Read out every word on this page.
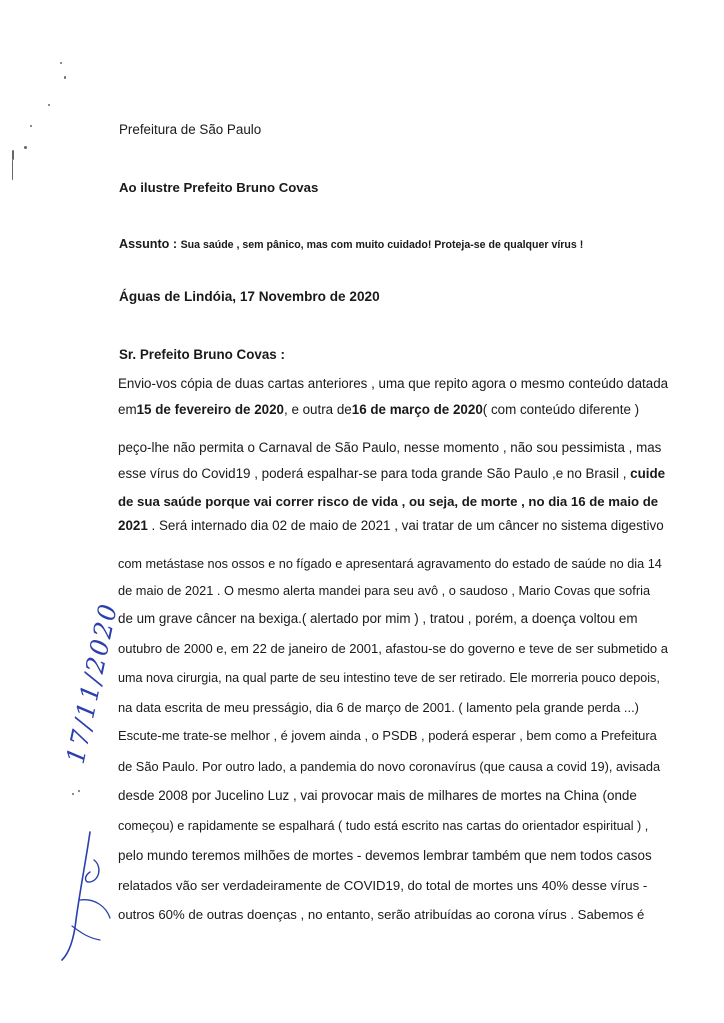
Prefeitura de São Paulo
Ao ilustre Prefeito Bruno Covas
Assunto : Sua saúde , sem pânico, mas com muito cuidado! Proteja-se de qualquer vírus !
Águas de Lindóia, 17 Novembro de 2020
Sr. Prefeito Bruno Covas :
Envio-vos cópia de duas cartas anteriores , uma que repito agora o mesmo conteúdo datada
em 15 de fevereiro de 2020 , e outra de 16 de março de 2020 ( com conteúdo diferente )
peço-lhe não permita o Carnaval de São Paulo, nesse momento , não sou pessimista , mas
esse vírus do Covid19 , poderá espalhar-se para toda grande São Paulo ,e no Brasil , cuide
de sua saúde porque vai correr risco de vida , ou seja, de morte , no dia 16 de maio de
2021 . Será internado dia 02 de maio de 2021 , vai tratar de um câncer no sistema digestivo
com metástase nos ossos e no fígado e apresentará agravamento do estado de saúde no dia 14
de maio de 2021 . O mesmo alerta mandei para seu avô , o saudoso , Mario Covas que sofria
de um grave câncer na bexiga.( alertado por mim ) , tratou , porém, a doença voltou em
outubro de 2000 e, em 22 de janeiro de 2001, afastou-se do governo e teve de ser submetido a
uma nova cirurgia, na qual parte de seu intestino teve de ser retirado. Ele morreria pouco depois,
na data escrita de meu presságio, dia 6 de março de 2001. ( lamento pela grande perda ...)
Escute-me trate-se melhor , é jovem ainda , o PSDB , poderá esperar , bem como a Prefeitura
de São Paulo. Por outro lado, a pandemia do novo coronavírus (que causa a covid 19), avisada
desde 2008 por Jucelino Luz , vai provocar mais de milhares de mortes na China (onde
começou) e rapidamente se espalhará ( tudo está escrito nas cartas do orientador espiritual ) ,
pelo mundo teremos milhões de mortes - devemos lembrar também que nem todos casos
relatados vão ser verdadeiramente de COVID19, do total de mortes uns 40% desse vírus -
outros 60% de outras doenças , no entanto, serão atribuídas ao corona vírus . Sabemos é
17/11/2020
